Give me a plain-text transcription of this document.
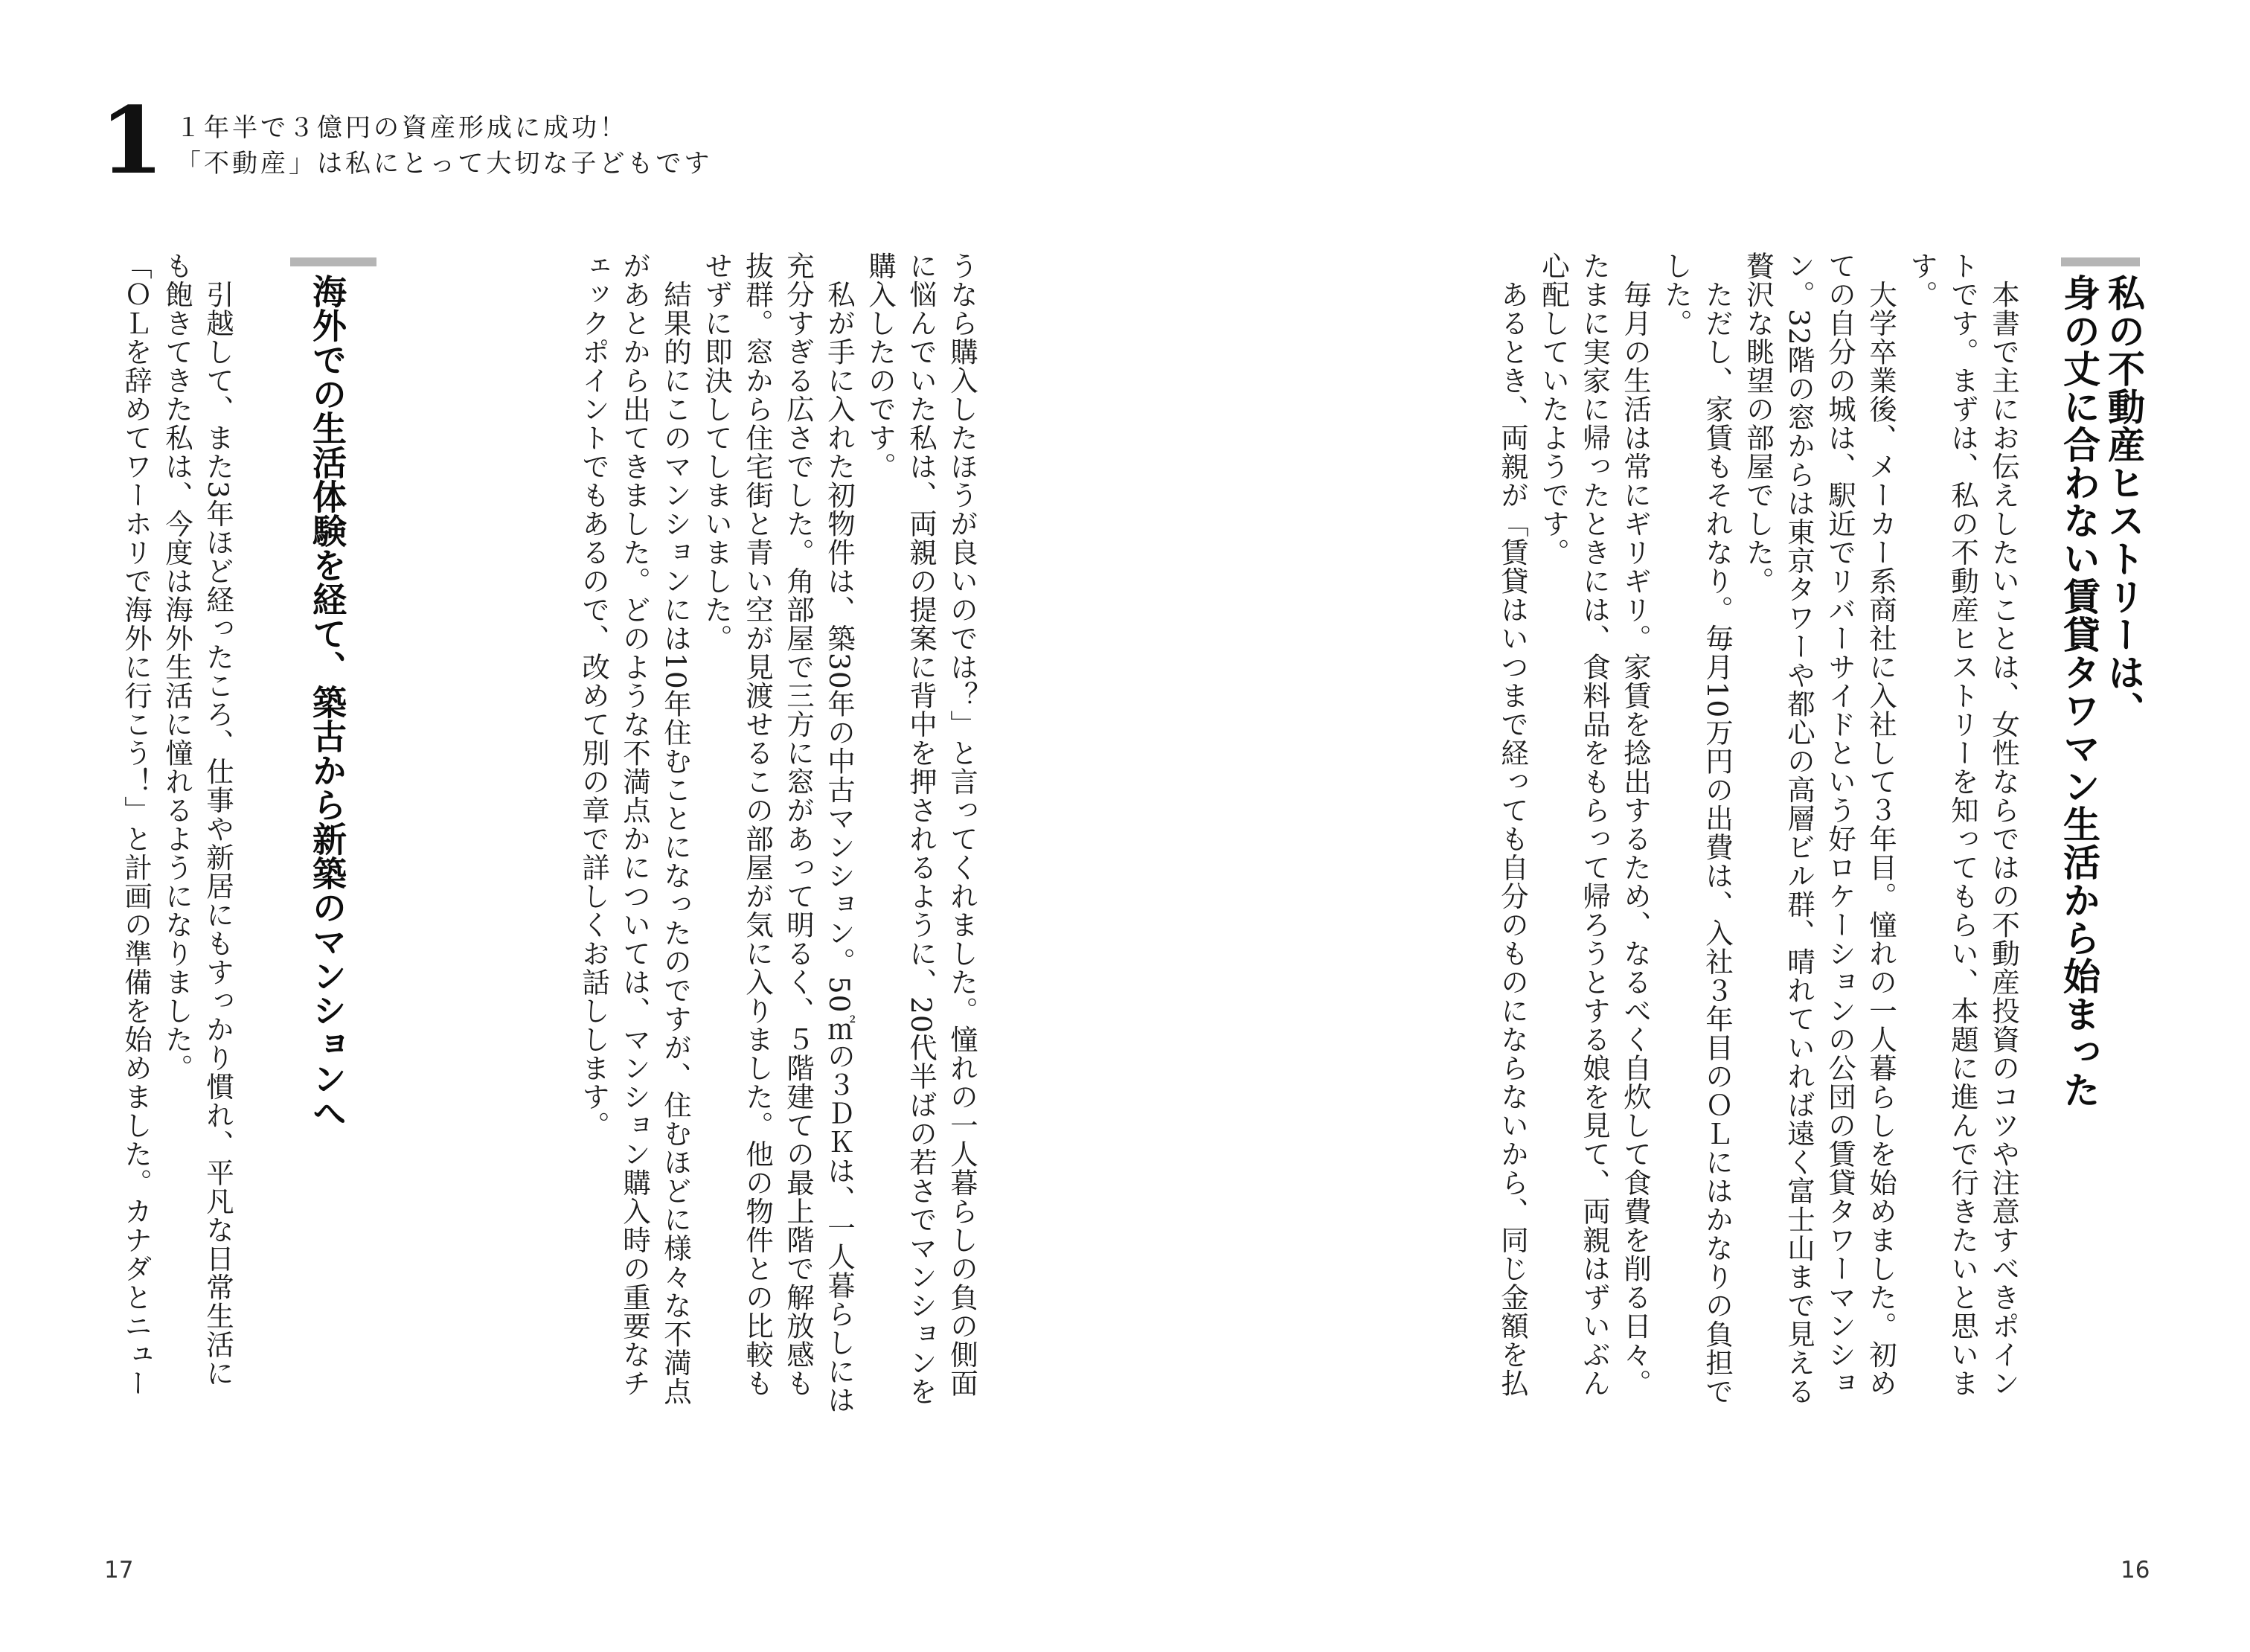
1 １年半で３億円の資産形成に成功！
「不動産」は私にとって大切な子どもです

私の不動産ヒストリーは、

身の丈に合わない賃貸タワマン生活から始まった

　本書で主にお伝えしたいことは、女性ならではの不動産投資のコツや注意すべきポイン

トです。まずは、私の不動産ヒストリーを知ってもらい、本題に進んで行きたいと思いま

す。

　大学卒業後、メーカー系商社に入社して３年目。憧れの一人暮らしを始めました。初め

ての自分の城は、駅近でリバーサイドという好ロケーションの公団の賃貸タワーマンショ

ン。32階の窓からは東京タワーや都心の高層ビル群、晴れていれば遠く富士山まで見える

贅沢な眺望の部屋でした。

　ただし、家賃もそれなり。毎月10万円の出費は、入社３年目のＯＬにはかなりの負担で

した。

　毎月の生活は常にギリギリ。家賃を捻出するため、なるべく自炊して食費を削る日々。

たまに実家に帰ったときには、食料品をもらって帰ろうとする娘を見て、両親はずいぶん

心配していたようです。

　あるとき、両親が「賃貸はいつまで経っても自分のものにならないから、同じ金額を払

うなら購入したほうが良いのでは？」と言ってくれました。憧れの一人暮らしの負の側面

に悩んでいた私は、両親の提案に背中を押されるように、20代半ばの若さでマンションを

購入したのです。

　私が手に入れた初物件は、築30年の中古マンション。50㎡の３ＤＫは、一人暮らしには

充分すぎる広さでした。角部屋で三方に窓があって明るく、５階建ての最上階で解放感も

抜群。窓から住宅街と青い空が見渡せるこの部屋が気に入りました。他の物件との比較も

せずに即決してしまいました。

　結果的にこのマンションには10年住むことになったのですが、住むほどに様々な不満点

があとから出てきました。どのような不満点かについては、マンション購入時の重要なチ

ェックポイントでもあるので、改めて別の章で詳しくお話しします。

海外での生活体験を経て、築古から新築のマンションへ

　引越して、また3年ほど経ったころ、仕事や新居にもすっかり慣れ、平凡な日常生活に

も飽きてきた私は、今度は海外生活に憧れるようになりました。

「ＯＬを辞めてワーホリで海外に行こう！」と計画の準備を始めました。カナダとニュー

17	16
